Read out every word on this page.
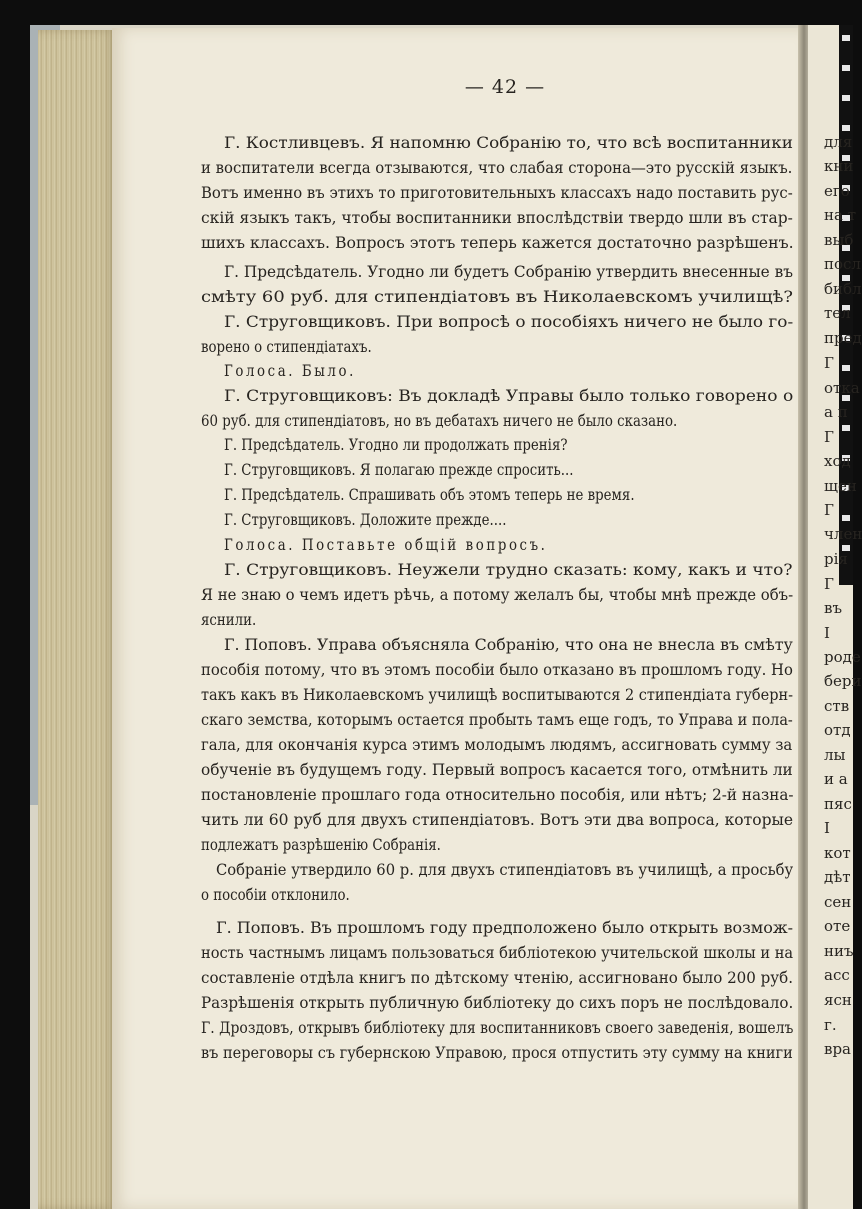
— 42 —
Г. Костливцевъ. Я напомню Собранію то, что всѣ воспитанники
и воспитатели всегда отзываются, что слабая сторона—это русскій языкъ.
Вотъ именно въ этихъ то приготовительныхъ классахъ надо поставить рус-
скій языкъ такъ, чтобы воспитанники впослѣдствіи твердо шли въ стар-
шихъ классахъ. Вопросъ этотъ теперь кажется достаточно разрѣшенъ.
Г. Предсѣдатель. Угодно ли будетъ Собранію утвердить внесенные въ
смѣту 60 руб. для стипендіатовъ въ Николаевскомъ училищѣ?
Г. Струговщиковъ. При вопросѣ о пособіяхъ ничего не было го-
ворено о стипендіатахъ.
Голоса. Было.
Г. Струговщиковъ: Въ докладѣ Управы было только говорено о
60 руб. для стипендіатовъ, но въ дебатахъ ничего не было сказано.
Г. Предсѣдатель. Угодно ли продолжать пренія?
Г. Струговщиковъ. Я полагаю прежде спросить...
Г. Предсѣдатель. Спрашивать объ этомъ теперь не время.
Г. Струговщиковъ. Доложите прежде....
Голоса. Поставьте общій вопросъ.
Г. Струговщиковъ. Неужели трудно сказать: кому, какъ и что?
Я не знаю о чемъ идетъ рѣчь, а потому желалъ бы, чтобы мнѣ прежде объ-
яснили.
Г. Поповъ. Управа объясняла Собранію, что она не внесла въ смѣту
пособія потому, что въ этомъ пособіи было отказано въ прошломъ году. Но
такъ какъ въ Николаевскомъ училищѣ воспитываются 2 стипендіата губерн-
скаго земства, которымъ остается пробыть тамъ еще годъ, то Управа и пола-
гала, для окончанія курса этимъ молодымъ людямъ, ассигновать сумму за
обученіе въ будущемъ году. Первый вопросъ касается того, отмѣнить ли
постановленіе прошлаго года относительно пособія, или нѣтъ; 2-й назна-
чить ли 60 руб для двухъ стипендіатовъ. Вотъ эти два вопроса, которые
подлежатъ разрѣшенію Собранія.
Собраніе утвердило 60 р. для двухъ стипендіатовъ въ училищѣ, а просьбу
о пособіи отклонило.
Г. Поповъ. Въ прошломъ году предположено было открыть возмож-
ность частнымъ лицамъ пользоваться библіотекою учительской школы и на
составленіе отдѣла книгъ по дѣтскому чтенію, ассигновано было 200 руб.
Разрѣшенія открыть публичную библіотеку до сихъ поръ не послѣдовало.
Г. Дроздовъ, открывъ библіотеку для воспитанниковъ своего заведенія, вошелъ
въ переговоры съ губернскою Управою, прося отпустить эту сумму на книги
для
кни
его
на т
выб
посл
библ
тел
пред
Г
отка
а п
Г
ход
щен
Г
член
рія
Г
въ
I
роде
бери
ств
отд
лы
и а
пяс
I
кот
дѣт
сен
оте
ниъ
асс
ясн
г.
вра
